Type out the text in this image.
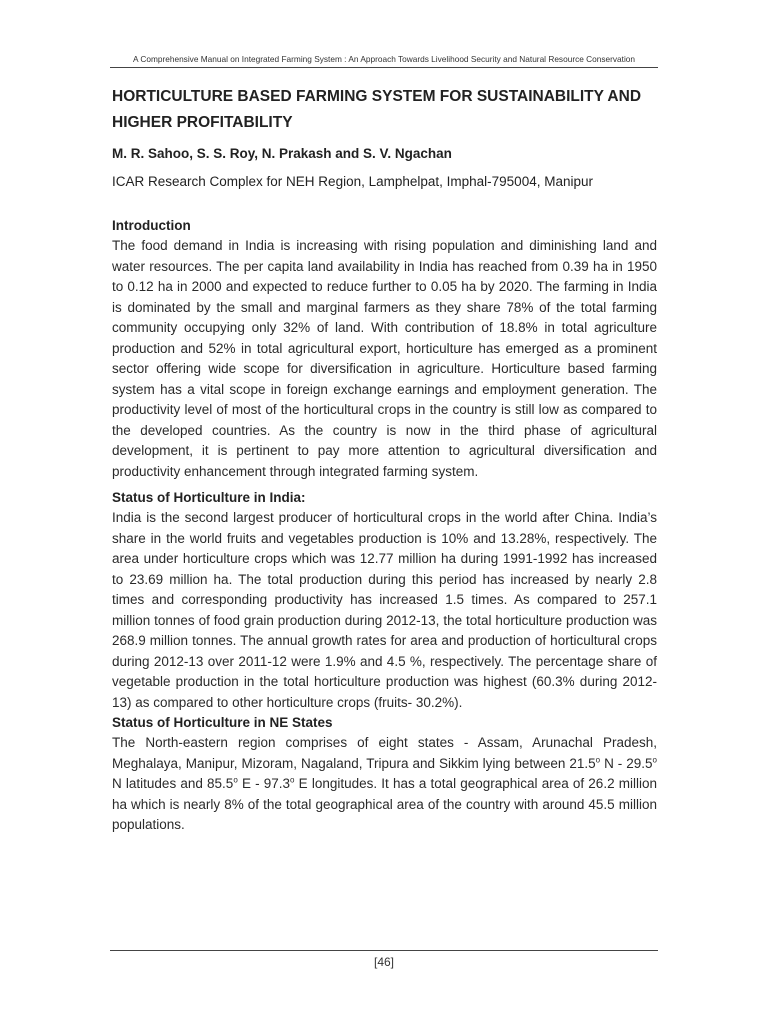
A Comprehensive Manual on Integrated Farming System : An Approach Towards Livelihood Security and Natural Resource Conservation
HORTICULTURE BASED FARMING SYSTEM FOR SUSTAINABILITY AND
HIGHER PROFITABILITY
M. R. Sahoo, S. S. Roy, N. Prakash and S. V. Ngachan
ICAR Research Complex for NEH Region, Lamphelpat, Imphal-795004, Manipur
Introduction

The food demand in India is increasing with rising population and diminishing land and water resources. The per capita land availability in India has reached from 0.39 ha in 1950 to 0.12 ha in 2000 and expected to reduce further to 0.05 ha by 2020. The farming in India is dominated by the small and marginal farmers as they share 78% of the total farming community occupying only 32% of land. With contribution of 18.8% in total agriculture production and 52% in total agricultural export, horticulture has emerged as a prominent sector offering wide scope for diversification in agriculture. Horticulture based farming system has a vital scope in foreign exchange earnings and employment generation. The productivity level of most of the horticultural crops in the country is still low as compared to the developed countries. As the country is now in the third phase of agricultural development, it is pertinent to pay more attention to agricultural diversification and productivity enhancement through integrated farming system.

Status of Horticulture in India:

India is the second largest producer of horticultural crops in the world after China. India’s share in the world fruits and vegetables production is 10% and 13.28%, respectively. The area under horticulture crops which was 12.77 million ha during 1991-1992 has increased to 23.69 million ha. The total production during this period has increased by nearly 2.8 times and corresponding productivity has increased 1.5 times. As compared to 257.1 million tonnes of food grain production during 2012-13, the total horticulture production was 268.9 million tonnes. The annual growth rates for area and production of horticultural crops during 2012-13 over 2011-12 were 1.9% and 4.5 %, respectively. The percentage share of vegetable production in the total horticulture production was highest (60.3% during 2012-13) as compared to other horticulture crops (fruits- 30.2%).

Status of Horticulture in NE States

The North-eastern region comprises of eight states - Assam, Arunachal Pradesh, Meghalaya, Manipur, Mizoram, Nagaland, Tripura and Sikkim lying between 21.5$^o$ N - 29.5$^o$ N latitudes and 85.5$^o$ E - 97.3$^o$ E longitudes. It has a total geographical area of 26.2 million ha which is nearly 8% of the total geographical area of the country with around 45.5 million populations.

[46]
